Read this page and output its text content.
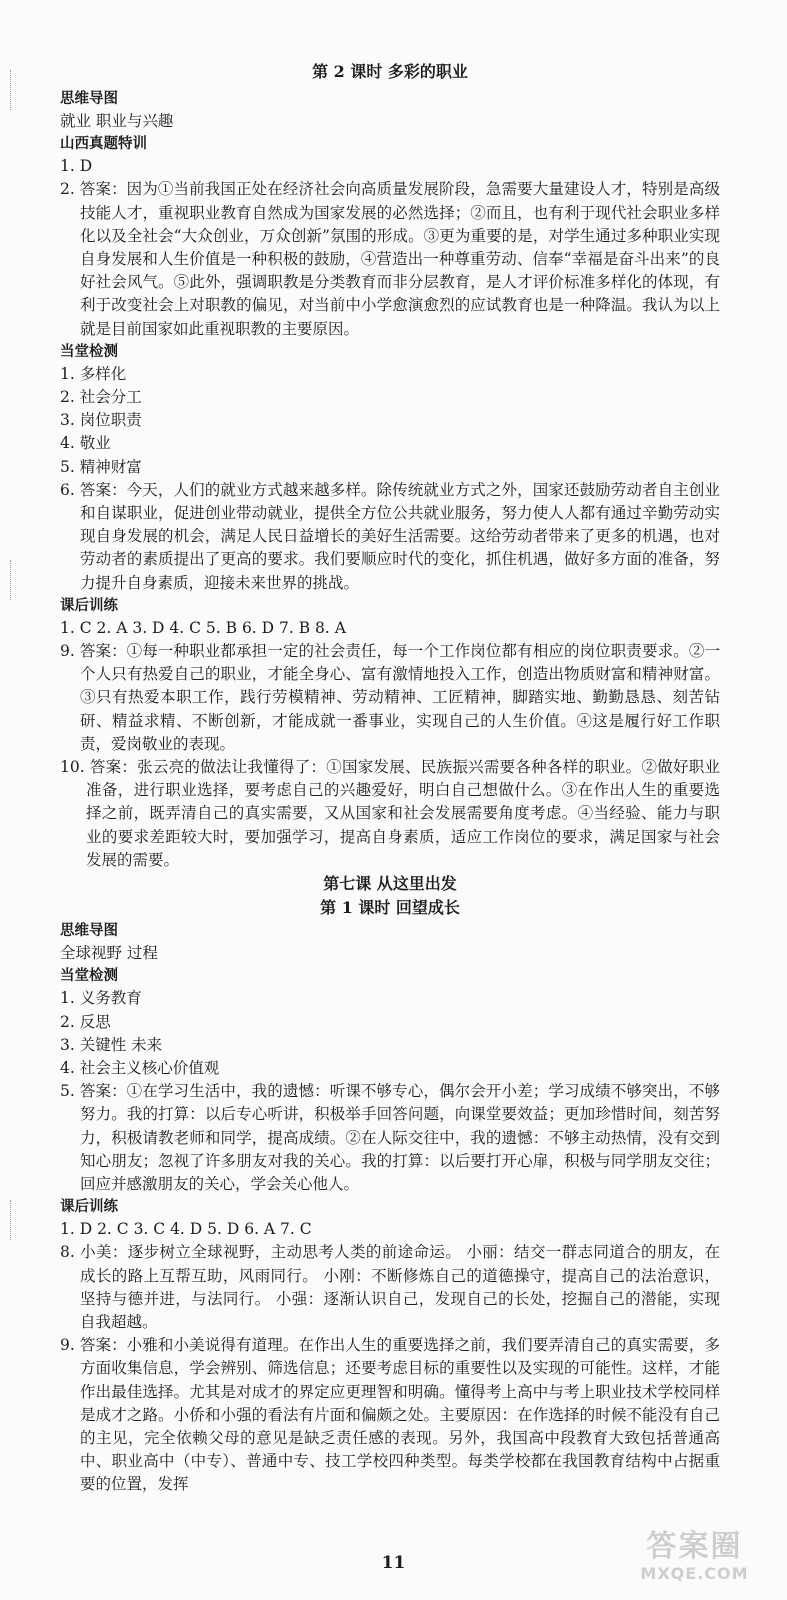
第 2 课时 多彩的职业

思维导图

就业 职业与兴趣

山西真题特训

1. D

2. 答案：因为①当前我国正处在经济社会向高质量发展阶段，急需要大量建设人才，特别是高级技能人才，重视职业教育自然成为国家发展的必然选择；②而且，也有利于现代社会职业多样化以及全社会“大众创业，万众创新”氛围的形成。③更为重要的是，对学生通过多种职业实现自身发展和人生价值是一种积极的鼓励，④营造出一种尊重劳动、信奉“幸福是奋斗出来”的良好社会风气。⑤此外，强调职教是分类教育而非分层教育，是人才评价标准多样化的体现，有利于改变社会上对职教的偏见，对当前中小学愈演愈烈的应试教育也是一种降温。我认为以上就是目前国家如此重视职教的主要原因。

当堂检测

1. 多样化

2. 社会分工

3. 岗位职责

4. 敬业

5. 精神财富

6. 答案：今天，人们的就业方式越来越多样。除传统就业方式之外，国家还鼓励劳动者自主创业和自谋职业，促进创业带动就业，提供全方位公共就业服务，努力使人人都有通过辛勤劳动实现自身发展的机会，满足人民日益增长的美好生活需要。这给劳动者带来了更多的机遇，也对劳动者的素质提出了更高的要求。我们要顺应时代的变化，抓住机遇，做好多方面的准备，努力提升自身素质，迎接未来世界的挑战。

课后训练

1. C 2. A 3. D 4. C 5. B 6. D 7. B 8. A

9. 答案：①每一种职业都承担一定的社会责任，每一个工作岗位都有相应的岗位职责要求。②一个人只有热爱自己的职业，才能全身心、富有激情地投入工作，创造出物质财富和精神财富。③只有热爱本职工作，践行劳模精神、劳动精神、工匠精神，脚踏实地、勤勤恳恳、刻苦钻研、精益求精、不断创新，才能成就一番事业，实现自己的人生价值。④这是履行好工作职责，爱岗敬业的表现。

10. 答案：张云亮的做法让我懂得了：①国家发展、民族振兴需要各种各样的职业。②做好职业准备，进行职业选择，要考虑自己的兴趣爱好，明白自己想做什么。③在作出人生的重要选择之前，既弄清自己的真实需要，又从国家和社会发展需要角度考虑。④当经验、能力与职业的要求差距较大时，要加强学习，提高自身素质，适应工作岗位的要求，满足国家与社会发展的需要。

第七课 从这里出发

第 1 课时 回望成长

思维导图

全球视野 过程

当堂检测

1. 义务教育

2. 反思

3. 关键性 未来

4. 社会主义核心价值观

5. 答案：①在学习生活中，我的遗憾：听课不够专心，偶尔会开小差；学习成绩不够突出，不够努力。我的打算：以后专心听讲，积极举手回答问题，向课堂要效益；更加珍惜时间，刻苦努力，积极请教老师和同学，提高成绩。②在人际交往中，我的遗憾：不够主动热情，没有交到知心朋友；忽视了许多朋友对我的关心。我的打算：以后要打开心扉，积极与同学朋友交往；回应并感激朋友的关心，学会关心他人。

课后训练

1. D 2. C 3. C 4. D 5. D 6. A 7. C

8. 小美：逐步树立全球视野，主动思考人类的前途命运。 小丽：结交一群志同道合的朋友，在成长的路上互帮互助，风雨同行。 小刚：不断修炼自己的道德操守，提高自己的法治意识，坚持与德并进，与法同行。 小强：逐渐认识自己，发现自己的长处，挖掘自己的潜能，实现自我超越。

9. 答案：小雅和小美说得有道理。在作出人生的重要选择之前，我们要弄清自己的真实需要，多方面收集信息，学会辨别、筛选信息；还要考虑目标的重要性以及实现的可能性。这样，才能作出最佳选择。尤其是对成才的界定应更理智和明确。懂得考上高中与考上职业技术学校同样是成才之路。小侨和小强的看法有片面和偏颇之处。主要原因：在作选择的时候不能没有自己的主见，完全依赖父母的意见是缺乏责任感的表现。另外，我国高中段教育大致包括普通高中、职业高中（中专）、普通中专、技工学校四种类型。每类学校都在我国教育结构中占据重要的位置，发挥

11	答案圈
MXQE.COM
